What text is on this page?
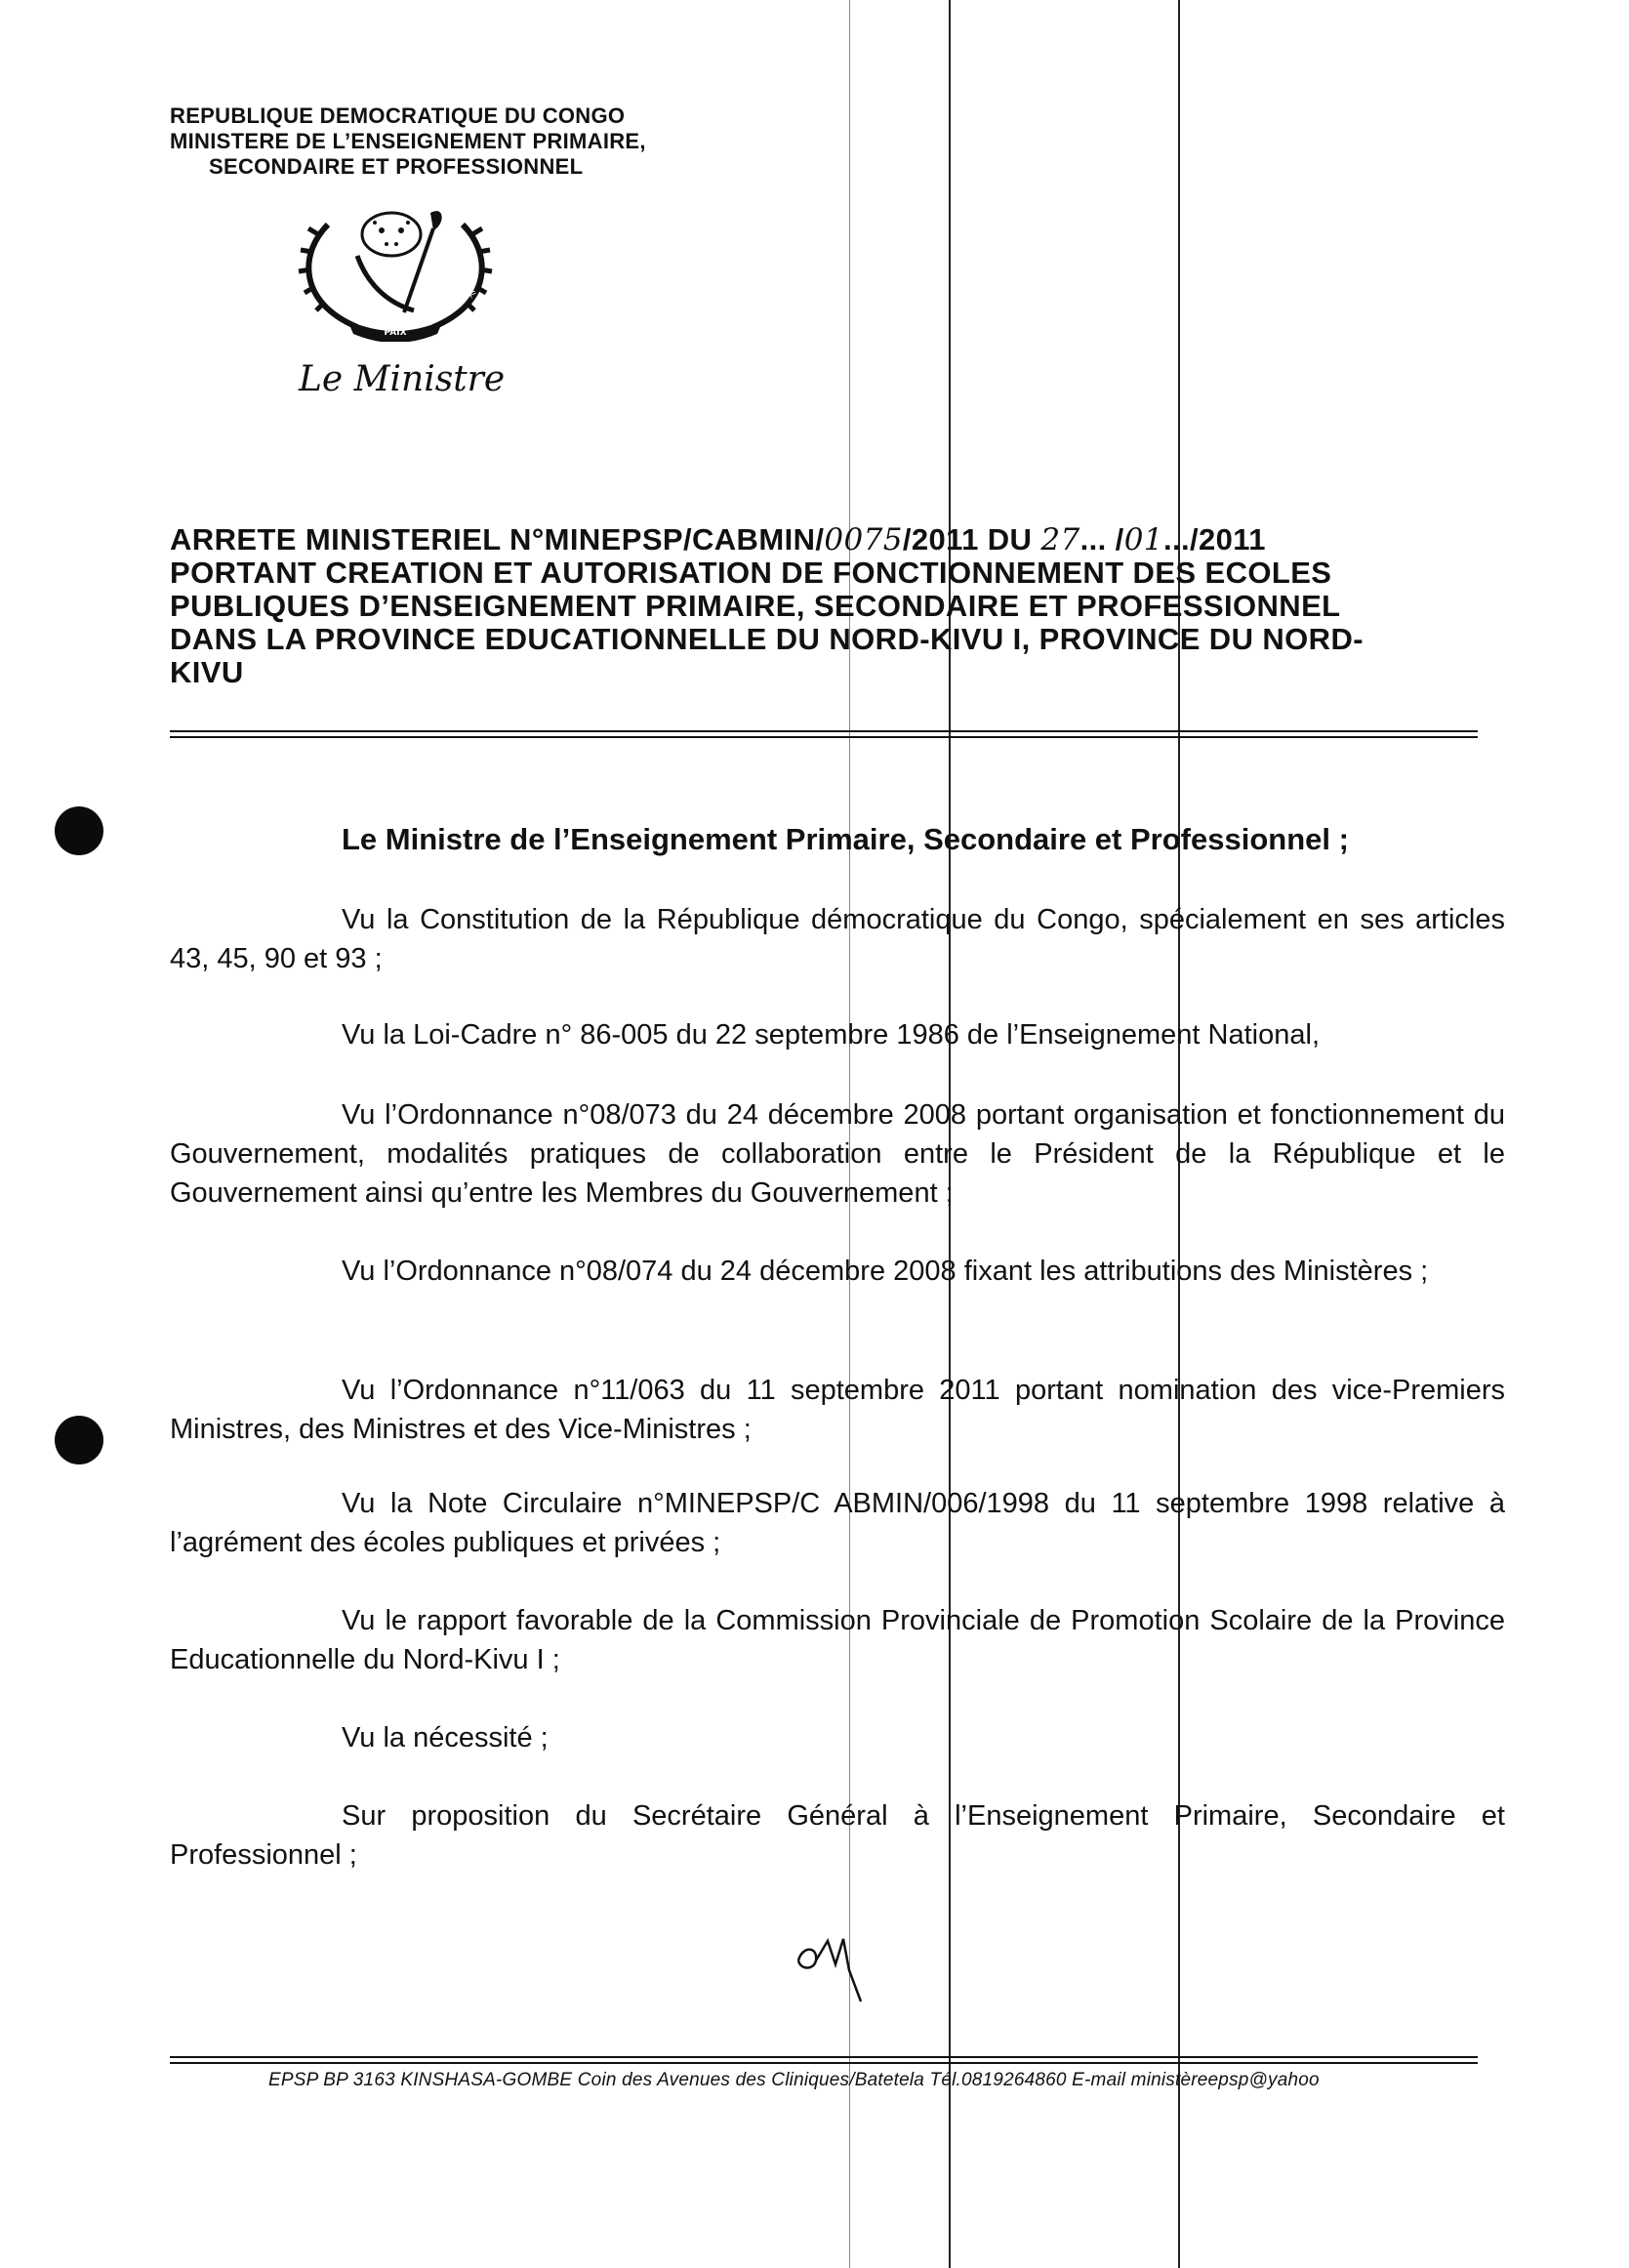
REPUBLIQUE DEMOCRATIQUE DU CONGO
MINISTERE DE L’ENSEIGNEMENT PRIMAIRE,
SECONDAIRE ET PROFESSIONNEL
PAIX
JUSTICE	TRAVAIL
Le Ministre
ARRETE MINISTERIEL N°MINEPSP/CABMIN/0075/2011 DU 27... /01.../2011
PORTANT CREATION ET AUTORISATION DE FONCTIONNEMENT DES ECOLES
PUBLIQUES D’ENSEIGNEMENT PRIMAIRE, SECONDAIRE ET PROFESSIONNEL
DANS LA PROVINCE EDUCATIONNELLE DU NORD-KIVU I, PROVINCE DU NORD-
KIVU
Le Ministre de l’Enseignement Primaire, Secondaire et Professionnel ;
Vu la Constitution de la République démocratique du Congo, spécialement en ses articles 43, 45, 90 et 93 ;
Vu la Loi-Cadre n° 86-005 du 22 septembre 1986 de l’Enseignement National,
Vu l’Ordonnance n°08/073 du 24 décembre 2008 portant organisation et fonctionnement du Gouvernement, modalités pratiques de collaboration entre le Président de la République et le Gouvernement ainsi qu’entre les Membres du Gouvernement ;
Vu l’Ordonnance n°08/074 du 24 décembre 2008 fixant les attributions des Ministères ;
Vu l’Ordonnance n°11/063 du 11 septembre 2011 portant nomination des vice-Premiers Ministres, des Ministres et des Vice-Ministres ;
Vu la Note Circulaire n°MINEPSP/C ABMIN/006/1998 du 11 septembre 1998 relative à l’agrément des écoles publiques et privées ;
Vu le rapport favorable de la Commission Provinciale de Promotion Scolaire de la Province Educationnelle du Nord-Kivu I ;
Vu la nécessité ;
Sur proposition du Secrétaire Général à l’Enseignement Primaire, Secondaire et Professionnel ;
EPSP BP 3163 KINSHASA-GOMBE Coin des Avenues des Cliniques/Batetela Tél.0819264860 E-mail ministèreepsp@yahoo
